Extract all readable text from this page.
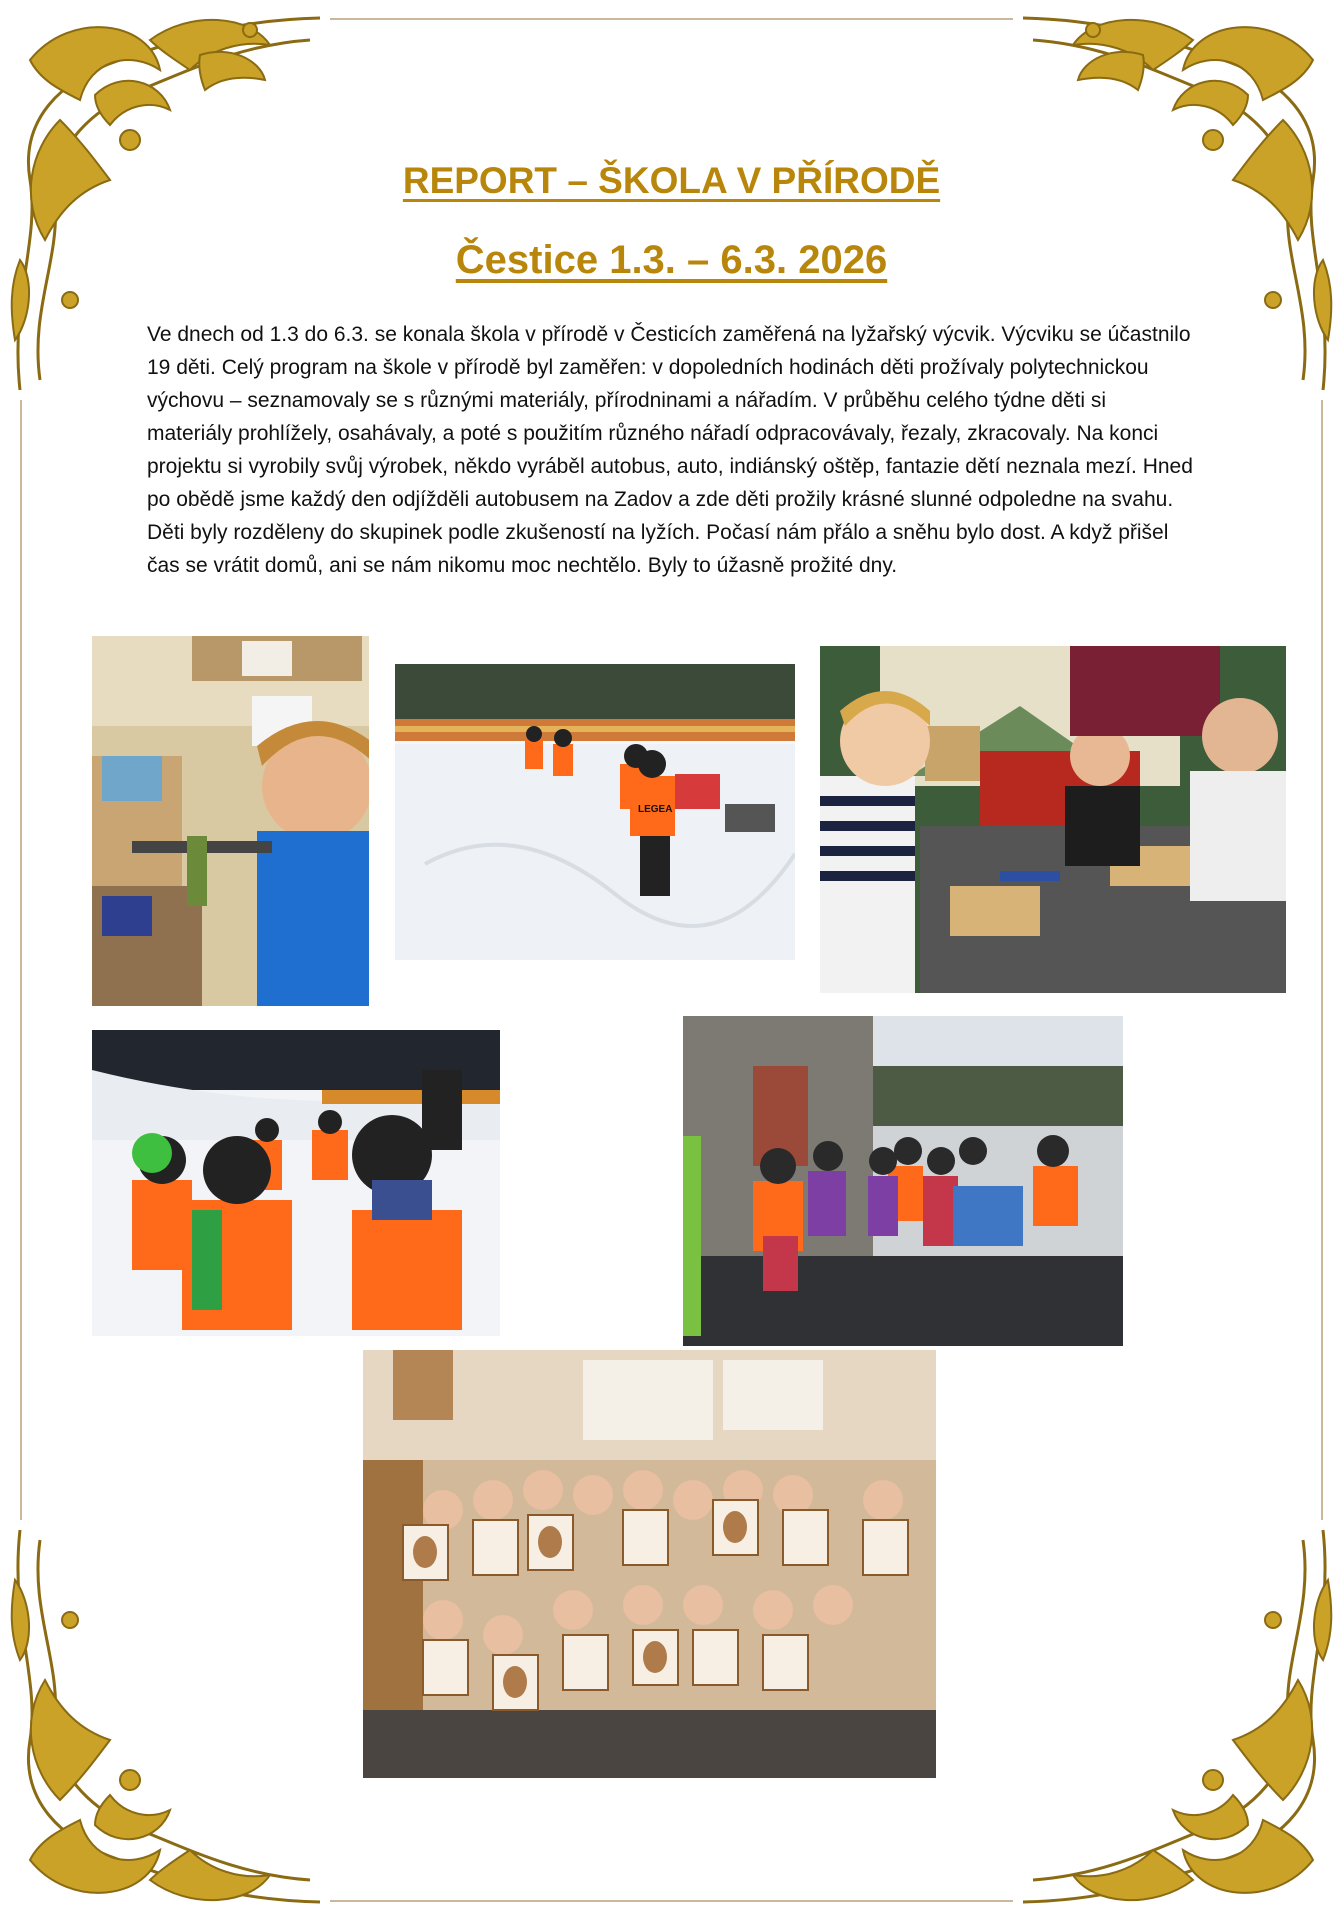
REPORT – ŠKOLA V PŘÍRODĚ
Čestice 1.3. – 6.3. 2026
Ve dnech od 1.3 do 6.3. se konala škola v přírodě v Česticích zaměřená na lyžařský výcvik. Výcviku se účastnilo 19 děti. Celý program na škole v přírodě byl zaměřen: v dopoledních hodinách děti prožívaly polytechnickou výchovu – seznamovaly se s různými materiály, přírodninami a nářadím. V průběhu celého týdne děti si materiály prohlížely, osahávaly, a poté s použitím různého nářadí odpracovávaly, řezaly, zkracovaly. Na konci projektu si vyrobily svůj výrobek, někdo vyráběl autobus, auto, indiánský oštěp, fantazie dětí neznala mezí. Hned po obědě jsme každý den odjížděli autobusem na Zadov a zde děti prožily krásné slunné odpoledne na svahu. Děti byly rozděleny do skupinek podle zkušeností na lyžích. Počasí nám přálo a sněhu bylo dost. A když přišel čas se vrátit domů, ani se nám nikomu moc nechtělo. Byly to úžasně prožité dny.
LEGEA
